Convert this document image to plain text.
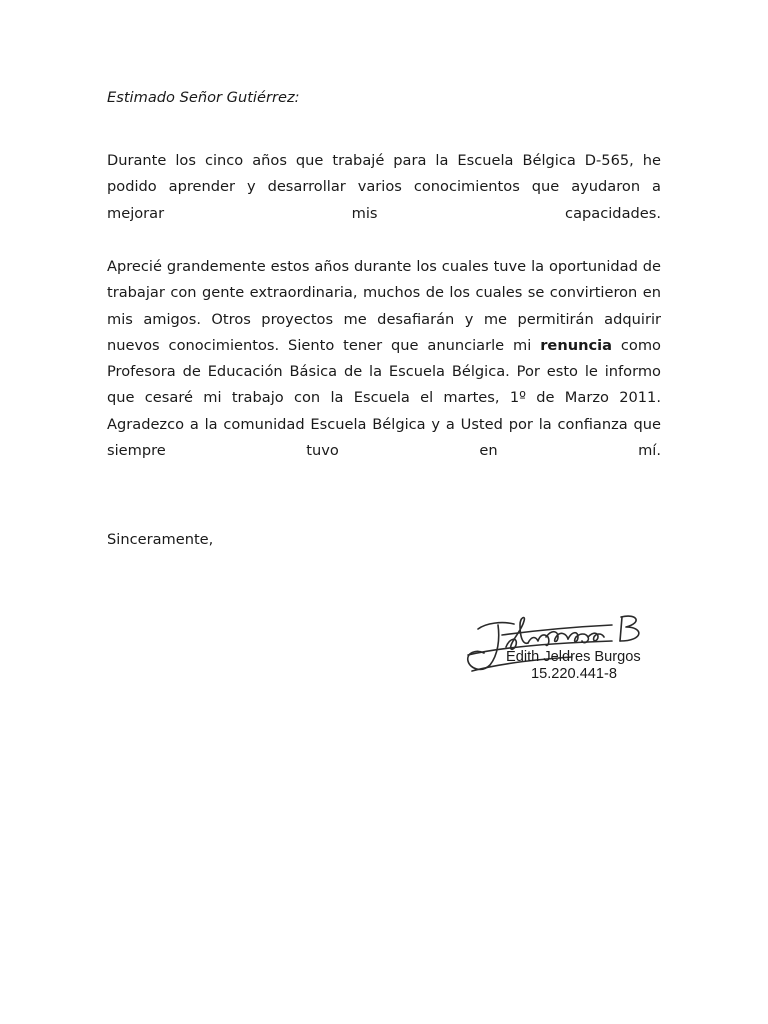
Estimado Señor Gutiérrez:

Durante los cinco años que trabajé para la Escuela Bélgica D-565, he podido aprender y desarrollar varios conocimientos que ayudaron a mejorar mis capacidades.

Aprecié grandemente estos años durante los cuales tuve la oportunidad de trabajar con gente extraordinaria, muchos de los cuales se convirtieron en mis amigos. Otros proyectos me desafiarán y me permitirán adquirir nuevos conocimientos. Siento tener que anunciarle mi renuncia como Profesora de Educación Básica de la Escuela Bélgica. Por esto le informo que cesaré mi trabajo con la Escuela el martes, 1º de Marzo 2011. Agradezco a la comunidad Escuela Bélgica y a Usted por la confianza que siempre tuvo en mí.

Sinceramente,
Edith Jeldres Burgos
15.220.441-8
